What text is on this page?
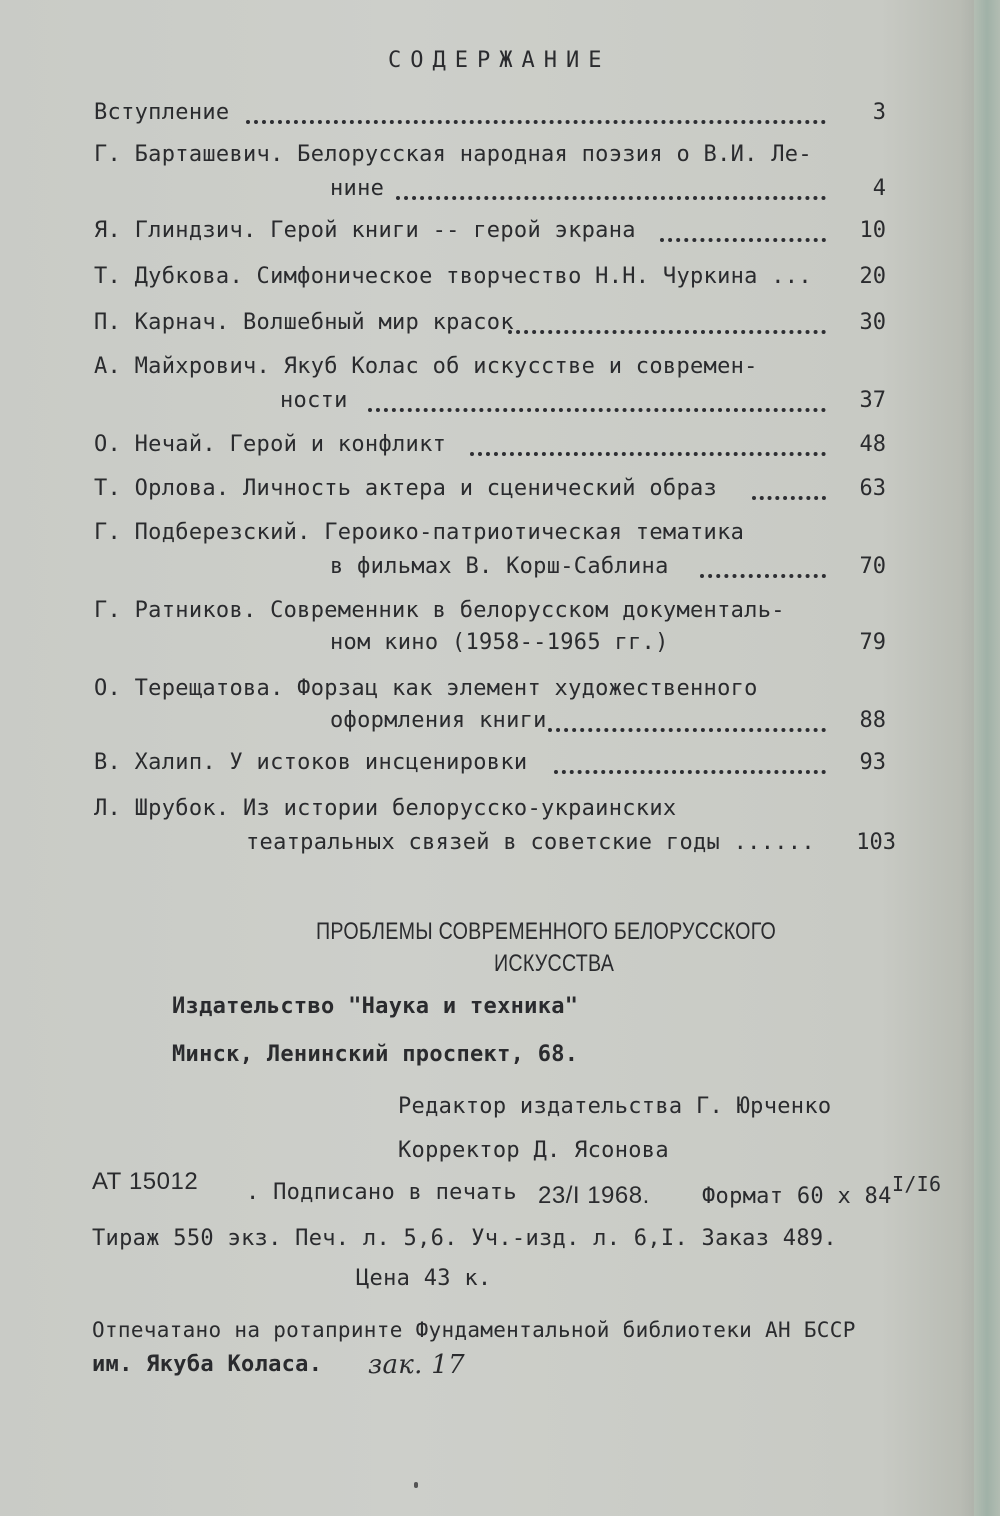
СОДЕРЖАНИЕ
Вступление	3
Г. Барташевич. Белорусская народная поэзия о В.И. Ле-
нине	4
Я. Глиндзич. Герой книги -- герой экрана	10
Т. Дубкова. Симфоническое творчество Н.Н. Чуркина ...	20
П. Карнач. Волшебный мир красок	30
А. Майхрович. Якуб Колас об искусстве и современ-
ности	37
О. Нечай. Герой и конфликт	48
Т. Орлова. Личность актера и сценический образ	63
Г. Подберезский. Героико-патриотическая тематика
в фильмах В. Корш-Саблина	70
Г. Ратников. Современник в белорусском документаль-
ном кино (1958--1965 гг.)	79
О. Терещатова. Форзац как элемент художественного
оформления книги	88
В. Халип. У истоков инсценировки	93
Л. Шрубок. Из истории белорусско-украинских
театральных связей в советские годы ......	103
ПРОБЛЕМЫ СОВРЕМЕННОГО БЕЛОРУССКОГО
ИСКУССТВА
Издательство "Наука и техника"
Минск, Ленинский проспект, 68.
Редактор издательства Г. Юрченко
Корректор Д. Ясонова
АТ 15012 . Подписано в печать 23/I 1968. Формат 60 х 84 I/I6
Тираж 550 экз. Печ. л. 5,6. Уч.-изд. л. 6,I. Заказ 489.
Цена 43 к.
Отпечатано на ротапринте Фундаментальной библиотеки АН БССР
им. Якуба Коласа. зак. 17
